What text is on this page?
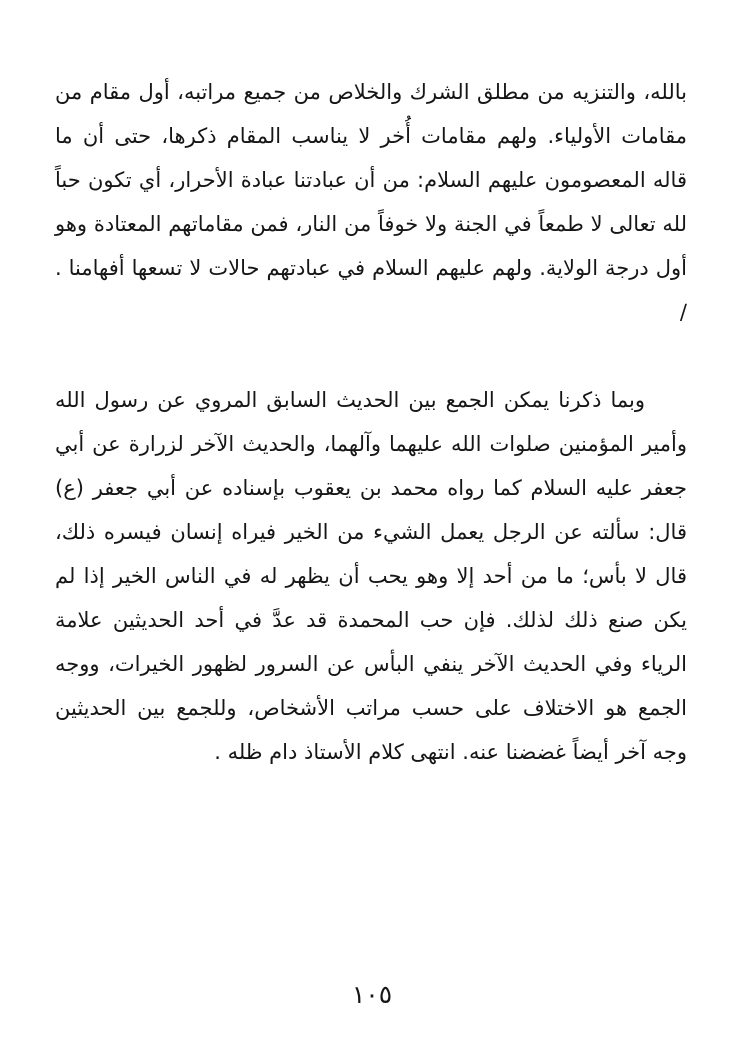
بالله، والتنزيه من مطلق الشرك والخلاص من جميع مراتبه، أول مقام من مقامات الأولياء. ولهم مقامات أُخر لا يناسب المقام ذكرها، حتى أن ما قاله المعصومون عليهم السلام: من أن عبادتنا عبادة الأحرار، أي تكون حباً لله تعالى لا طمعاً في الجنة ولا خوفاً من النار، فمن مقاماتهم المعتادة وهو أول درجة الولاية. ولهم عليهم السلام في عبادتهم حالات لا تسعها أفهامنا . ∕

وبما ذكرنا يمكن الجمع بين الحديث السابق المروي عن رسول الله وأمير المؤمنين صلوات الله عليهما وآلهما، والحديث الآخر لزرارة عن أبي جعفر عليه السلام كما رواه محمد بن يعقوب بإسناده عن أبي جعفر (ع) قال: سألته عن الرجل يعمل الشيء من الخير فيراه إنسان فيسره ذلك، قال لا بأس؛ ما من أحد إلا وهو يحب أن يظهر له في الناس الخير إذا لم يكن صنع ذلك لذلك. فإن حب المحمدة قد عدَّ في أحد الحديثين علامة الرياء وفي الحديث الآخر ينفي البأس عن السرور لظهور الخيرات، ووجه الجمع هو الاختلاف على حسب مراتب الأشخاص، وللجمع بين الحديثين وجه آخر أيضاً غضضنا عنه. انتهى كلام الأستاذ دام ظله .

١٠٥
